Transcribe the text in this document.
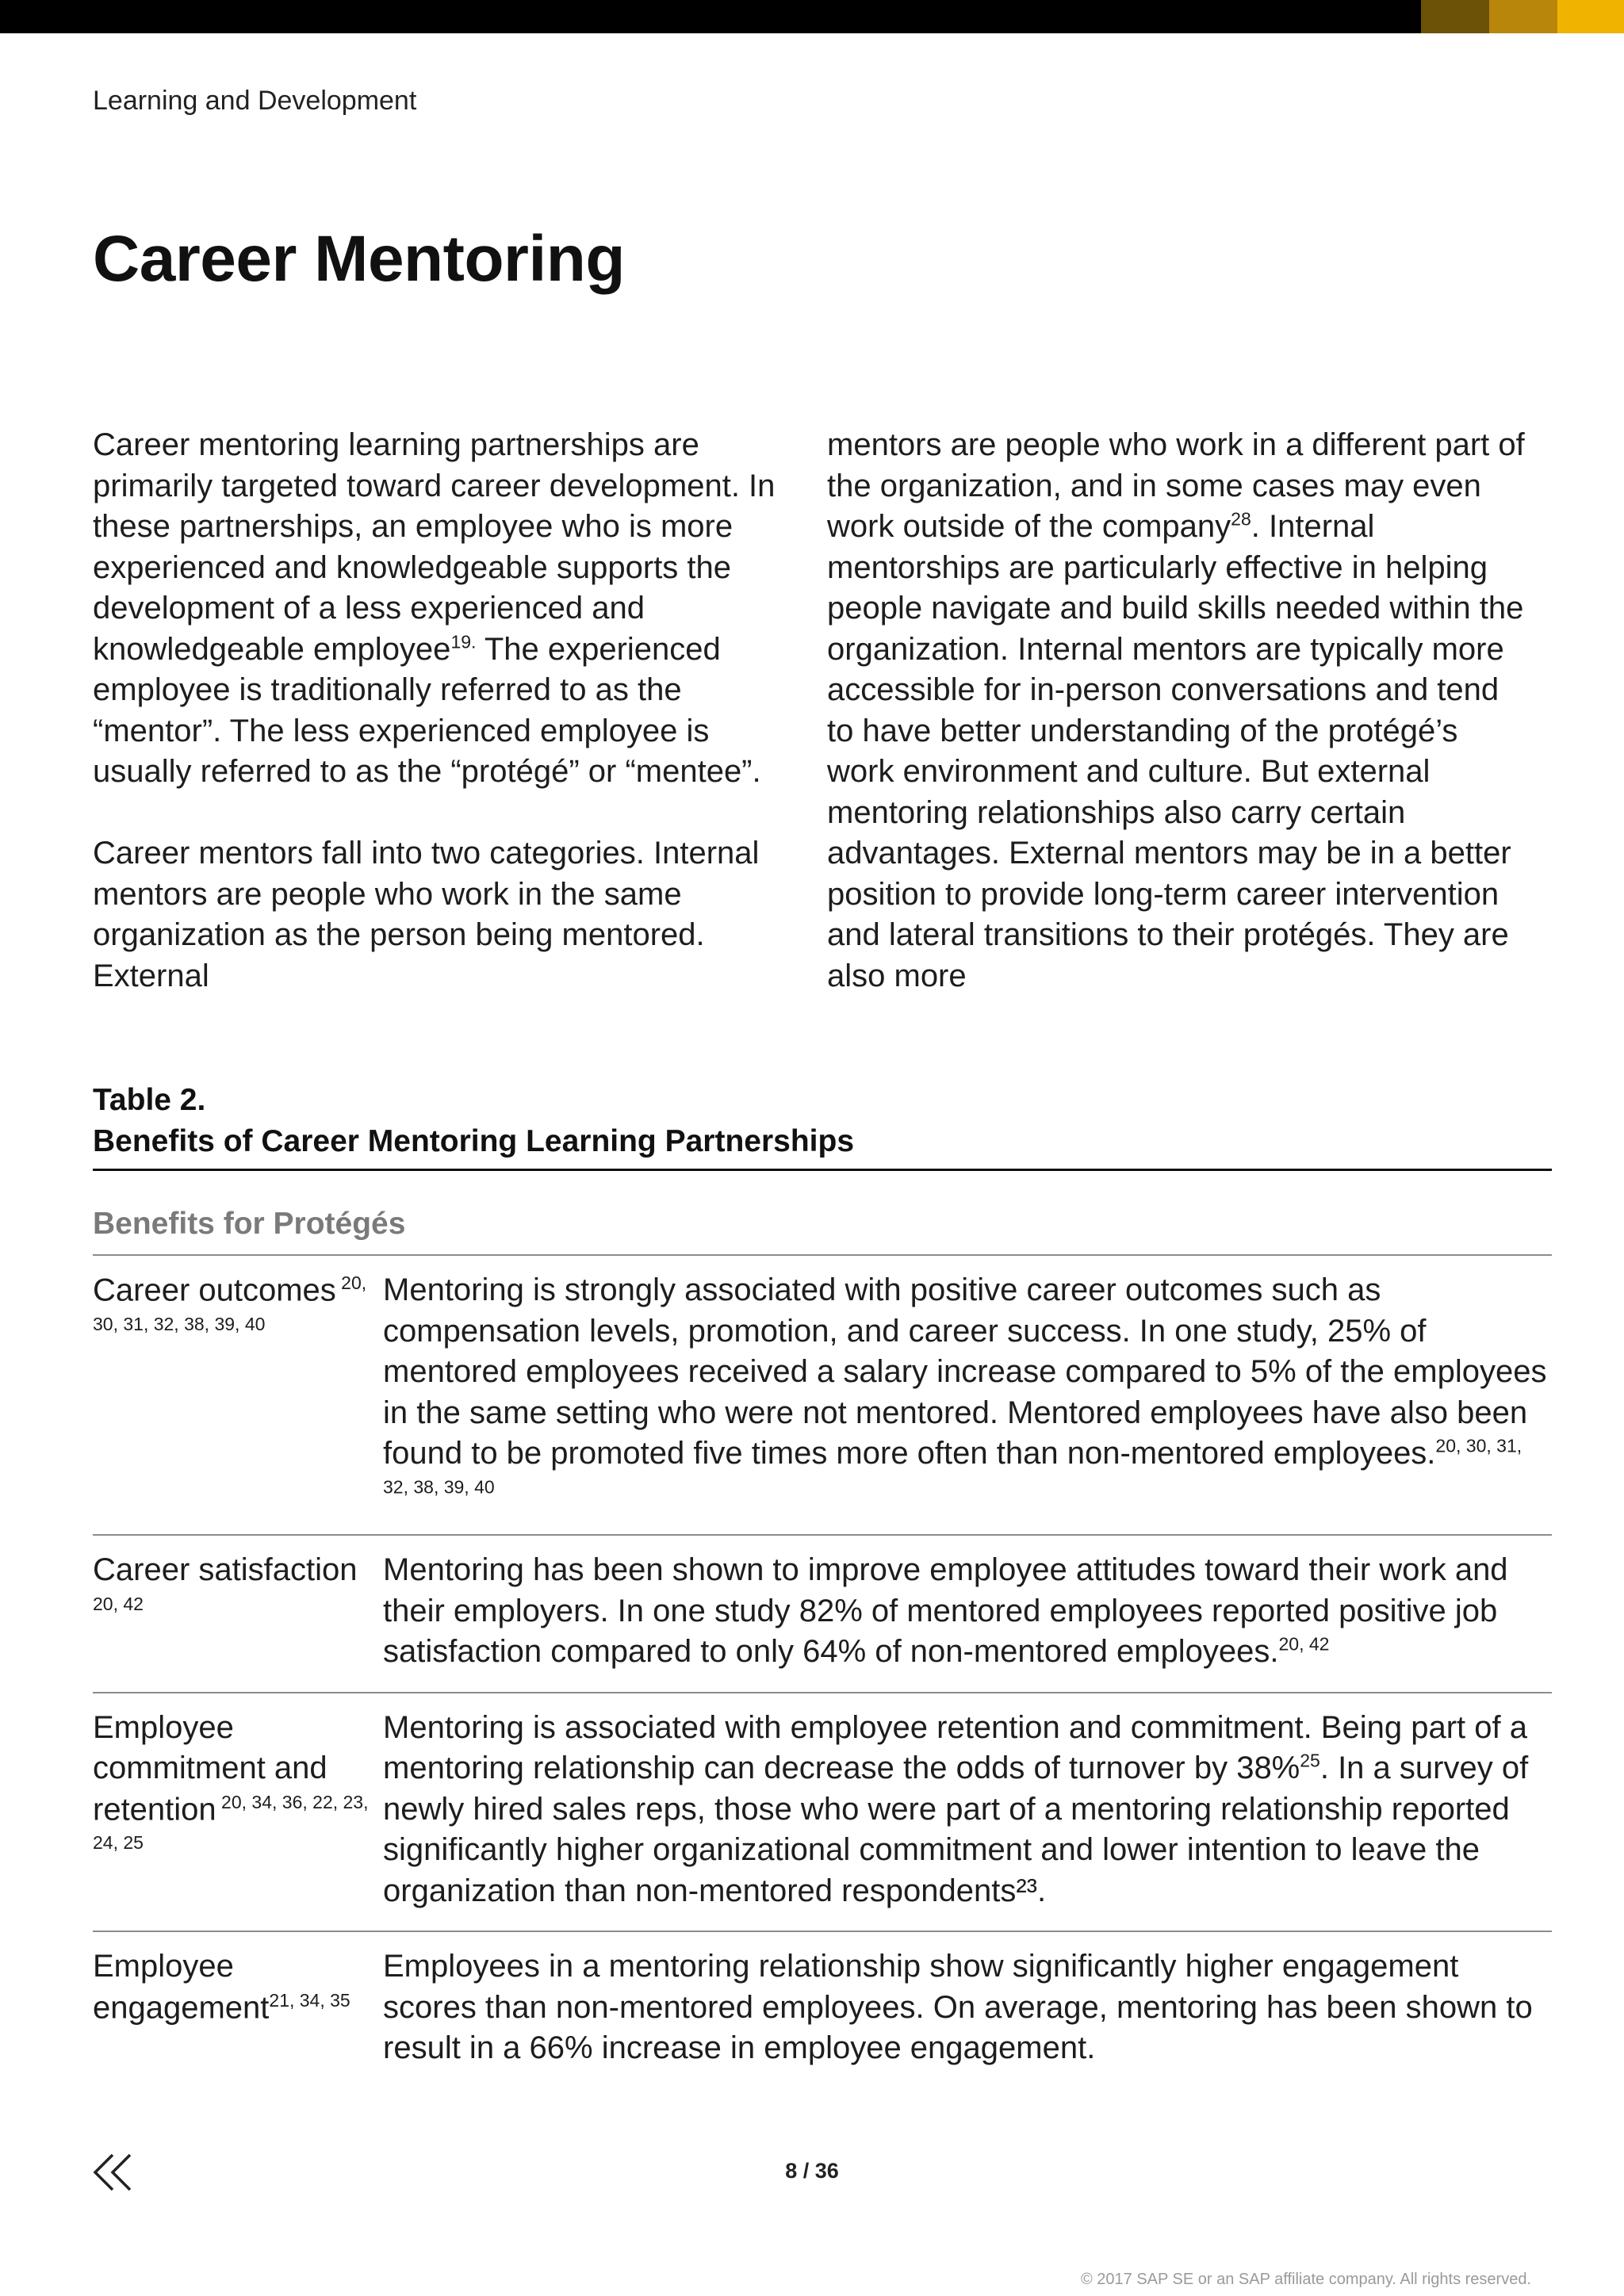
Learning and Development
Career Mentoring

Career mentoring learning partnerships are primarily targeted toward career development. In these partnerships, an employee who is more experienced and knowledgeable supports the development of a less experienced and knowledgeable employee$^{19.}$ The experienced employee is traditionally referred to as the “mentor”. The less experienced employee is usually referred to as the “protégé” or “mentee”.

Career mentors fall into two categories. Internal mentors are people who work in the same organization as the person being mentored. External

mentors are people who work in a different part of the organization, and in some cases may even work outside of the company$^{28}$. Internal mentorships are particularly effective in helping people navigate and build skills needed within the organization. Internal mentors are typically more accessible for in-person conversations and tend to have better understanding of the protégé’s work environment and culture. But external mentoring relationships also carry certain advantages. External mentors may be in a better position to provide long-term career intervention and lateral transitions to their protégés. They are also more

Table 2.
Benefits of Career Mentoring Learning Partnerships
Benefits for Protégés
Career outcomes $^{20, 30, 31, 32, 38, 39, 40}$
Mentoring is strongly associated with positive career outcomes such as compensation levels, promotion, and career success. In one study, 25% of mentored employees received a salary increase compared to 5% of the employees in the same setting who were not mentored. Mentored employees have also been found to be promoted five times more often than non-mentored employees.$^{20, 30, 31, 32, 38, 39, 40}$
Career satisfaction $^{20, 42}$
Mentoring has been shown to improve employee attitudes toward their work and their employers. In one study 82% of mentored employees reported positive job satisfaction compared to only 64% of non-mentored employees.$^{20, 42}$
Employee commitment and retention $^{20, 34, 36, 22, 23, 24, 25}$
Mentoring is associated with employee retention and commitment. Being part of a mentoring relationship can decrease the odds of turnover by 38%$^{25}$. In a survey of newly hired sales reps, those who were part of a mentoring relationship reported significantly higher organizational commitment and lower intention to leave the organization than non-mentored respondents²³.
Employee engagement$^{21, 34, 35}$
Employees in a mentoring relationship show significantly higher engagement scores than non-mentored employees. On average, mentoring has been shown to result in a 66% increase in employee engagement.
8 / 36
© 2017 SAP SE or an SAP affiliate company. All rights reserved.
